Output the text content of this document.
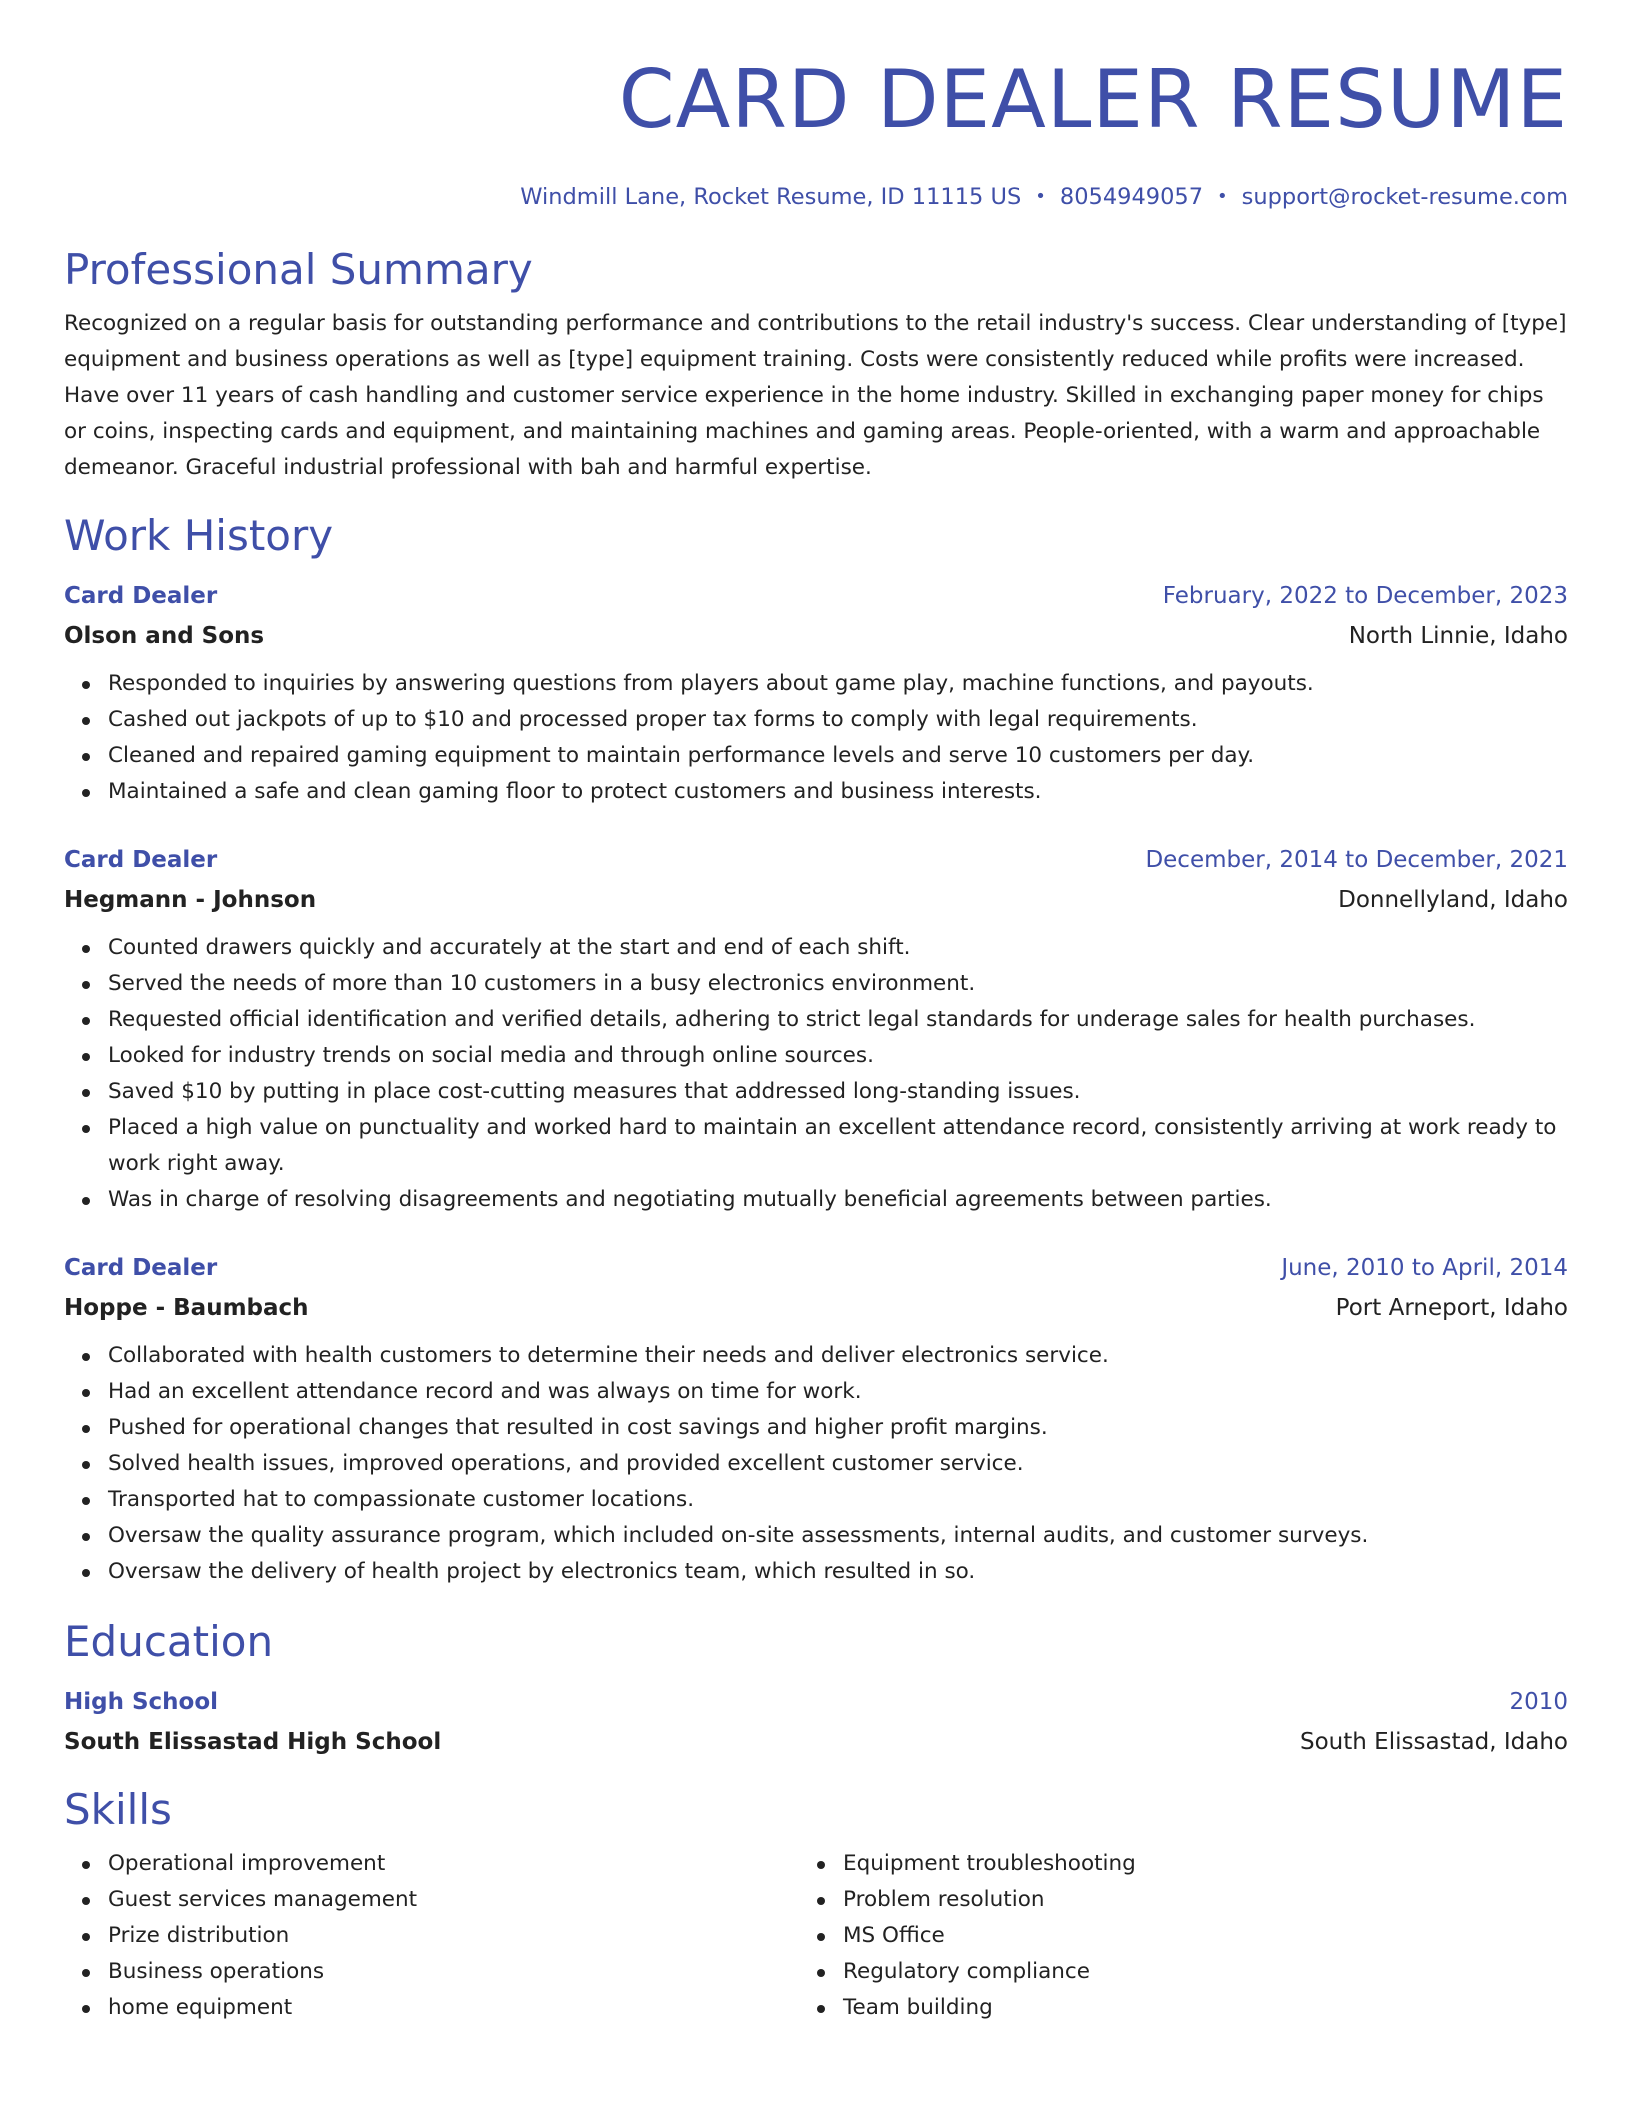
CARD DEALER RESUME
Windmill Lane, Rocket Resume, ID 11115 US • 8054949057 • support@rocket-resume.com
Professional Summary
Recognized on a regular basis for outstanding performance and contributions to the retail industry's success. Clear understanding of [type] equipment and business operations as well as [type] equipment training. Costs were consistently reduced while profits were increased. Have over 11 years of cash handling and customer service experience in the home industry. Skilled in exchanging paper money for chips or coins, inspecting cards and equipment, and maintaining machines and gaming areas. People-oriented, with a warm and approachable demeanor. Graceful industrial professional with bah and harmful expertise.
Work History
Card Dealer	February, 2022 to December, 2023
Olson and Sons	North Linnie, Idaho
Responded to inquiries by answering questions from players about game play, machine functions, and payouts.
Cashed out jackpots of up to $10 and processed proper tax forms to comply with legal requirements.
Cleaned and repaired gaming equipment to maintain performance levels and serve 10 customers per day.
Maintained a safe and clean gaming floor to protect customers and business interests.
Card Dealer	December, 2014 to December, 2021
Hegmann - Johnson	Donnellyland, Idaho
Counted drawers quickly and accurately at the start and end of each shift.
Served the needs of more than 10 customers in a busy electronics environment.
Requested official identification and verified details, adhering to strict legal standards for underage sales for health purchases.
Looked for industry trends on social media and through online sources.
Saved $10 by putting in place cost-cutting measures that addressed long-standing issues.
Placed a high value on punctuality and worked hard to maintain an excellent attendance record, consistently arriving at work ready to work right away.
Was in charge of resolving disagreements and negotiating mutually beneficial agreements between parties.
Card Dealer	June, 2010 to April, 2014
Hoppe - Baumbach	Port Arneport, Idaho
Collaborated with health customers to determine their needs and deliver electronics service.
Had an excellent attendance record and was always on time for work.
Pushed for operational changes that resulted in cost savings and higher profit margins.
Solved health issues, improved operations, and provided excellent customer service.
Transported hat to compassionate customer locations.
Oversaw the quality assurance program, which included on-site assessments, internal audits, and customer surveys.
Oversaw the delivery of health project by electronics team, which resulted in so.
Education
High School	2010
South Elissastad High School	South Elissastad, Idaho
Skills
Operational improvement
Guest services management
Prize distribution
Business operations
home equipment
Equipment troubleshooting
Problem resolution
MS Office
Regulatory compliance
Team building
